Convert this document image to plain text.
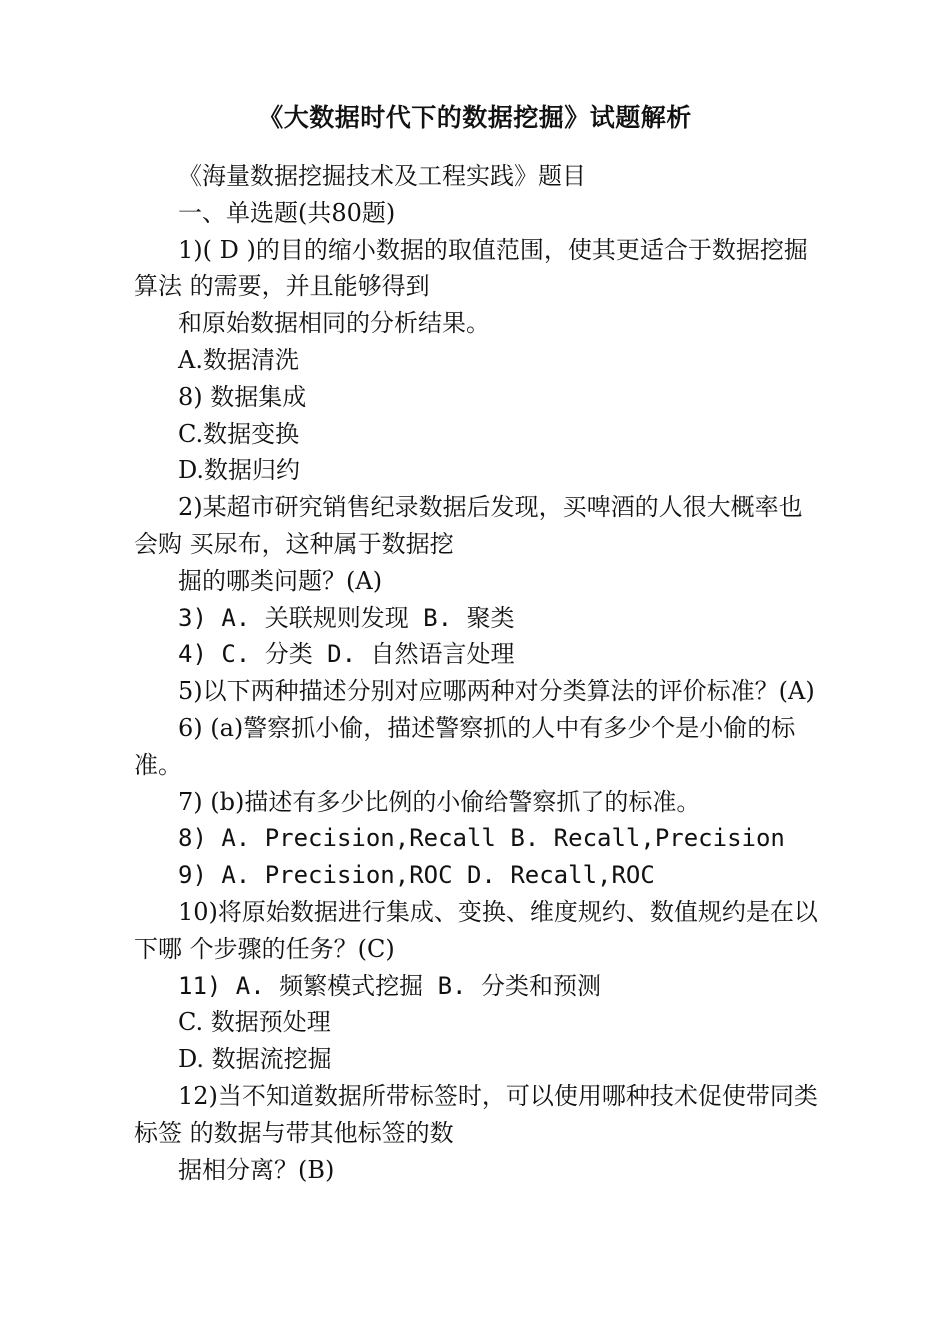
《大数据时代下的数据挖掘》试题解析

《海量数据挖掘技术及工程实践》题目

一、单选题(共80题)

1)( D )的目的缩小数据的取值范围，使其更适合于数据挖掘算法 的需要，并且能够得到

和原始数据相同的分析结果。

A.数据清洗

8) 数据集成

C.数据变换

D.数据归约

2)某超市研究销售纪录数据后发现，买啤酒的人很大概率也会购 买尿布，这种属于数据挖

掘的哪类问题？(A)

3) A. 关联规则发现 B. 聚类

4) C. 分类 D. 自然语言处理

5)以下两种描述分别对应哪两种对分类算法的评价标准？(A)

6) (a)警察抓小偷，描述警察抓的人中有多少个是小偷的标准。

7) (b)描述有多少比例的小偷给警察抓了的标准。

8) A. Precision,Recall B. Recall,Precision

9) A. Precision,ROC D. Recall,ROC

10)将原始数据进行集成、变换、维度规约、数值规约是在以下哪 个步骤的任务？(C)

11) A. 频繁模式挖掘 B. 分类和预测

C. 数据预处理

D. 数据流挖掘

12)当不知道数据所带标签时，可以使用哪种技术促使带同类标签 的数据与带其他标签的数

据相分离？(B)
